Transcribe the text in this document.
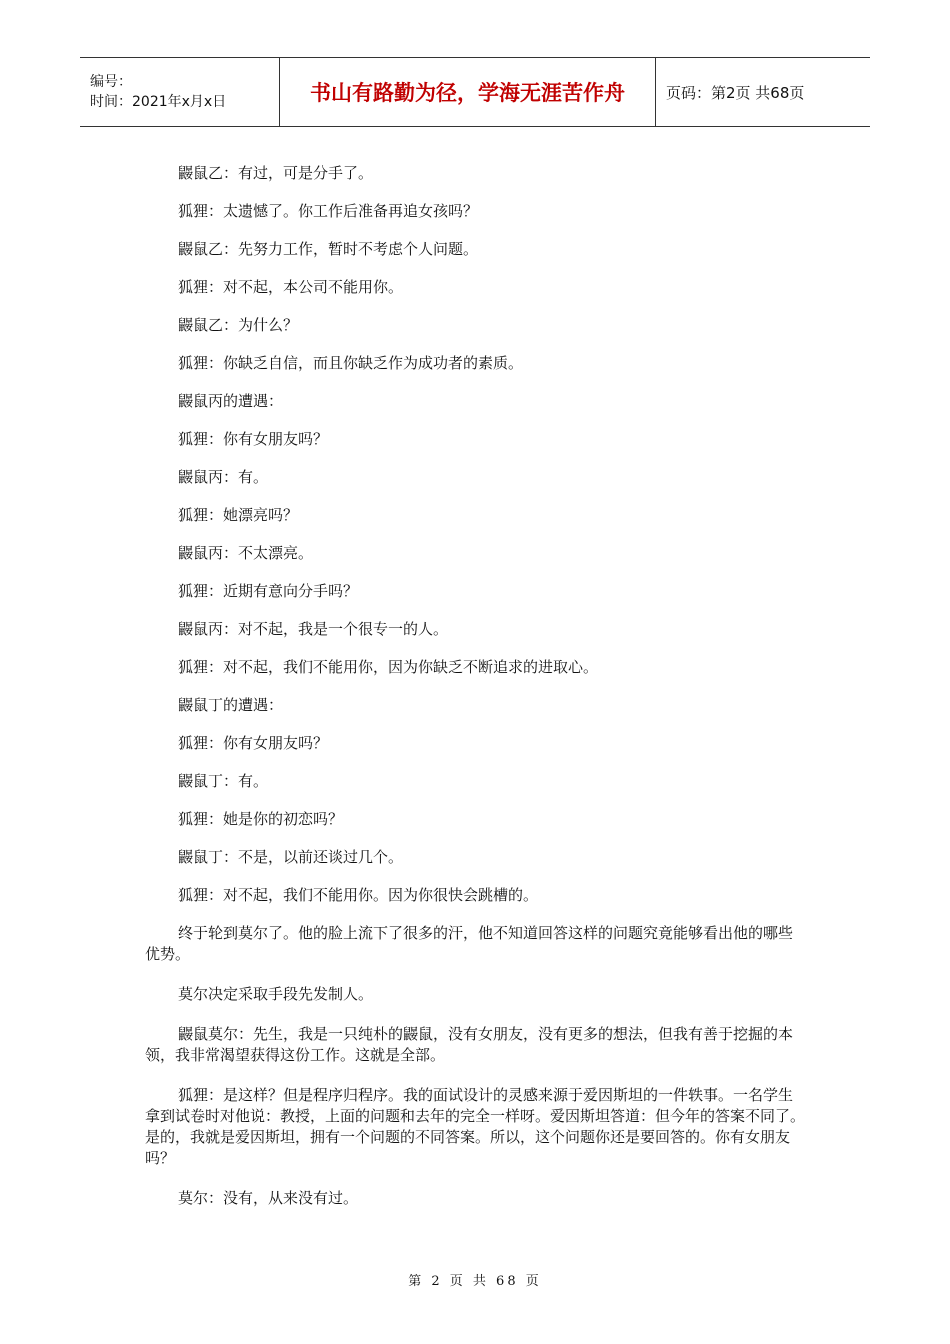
编号：
时间：2021年x月x日	书山有路勤为径，学海无涯苦作舟	页码：第2页 共68页

鼹鼠乙：有过，可是分手了。

狐狸：太遗憾了。你工作后准备再追女孩吗？

鼹鼠乙：先努力工作，暂时不考虑个人问题。

狐狸：对不起，本公司不能用你。

鼹鼠乙：为什么？

狐狸：你缺乏自信，而且你缺乏作为成功者的素质。

鼹鼠丙的遭遇：

狐狸：你有女朋友吗？

鼹鼠丙：有。

狐狸：她漂亮吗？

鼹鼠丙：不太漂亮。

狐狸：近期有意向分手吗？

鼹鼠丙：对不起，我是一个很专一的人。

狐狸：对不起，我们不能用你，因为你缺乏不断追求的进取心。

鼹鼠丁的遭遇：

狐狸：你有女朋友吗？

鼹鼠丁：有。

狐狸：她是你的初恋吗？

鼹鼠丁：不是，以前还谈过几个。

狐狸：对不起，我们不能用你。因为你很快会跳槽的。

终于轮到莫尔了。他的脸上流下了很多的汗，他不知道回答这样的问题究竟能够看出他的哪些优势。

莫尔决定采取手段先发制人。

鼹鼠莫尔：先生，我是一只纯朴的鼹鼠，没有女朋友，没有更多的想法，但我有善于挖掘的本领，我非常渴望获得这份工作。这就是全部。

狐狸：是这样？但是程序归程序。我的面试设计的灵感来源于爱因斯坦的一件轶事。一名学生拿到试卷时对他说：教授，上面的问题和去年的完全一样呀。爱因斯坦答道：但今年的答案不同了。是的，我就是爱因斯坦，拥有一个问题的不同答案。所以，这个问题你还是要回答的。你有女朋友吗？

莫尔：没有，从来没有过。

第 2 页 共 68 页
